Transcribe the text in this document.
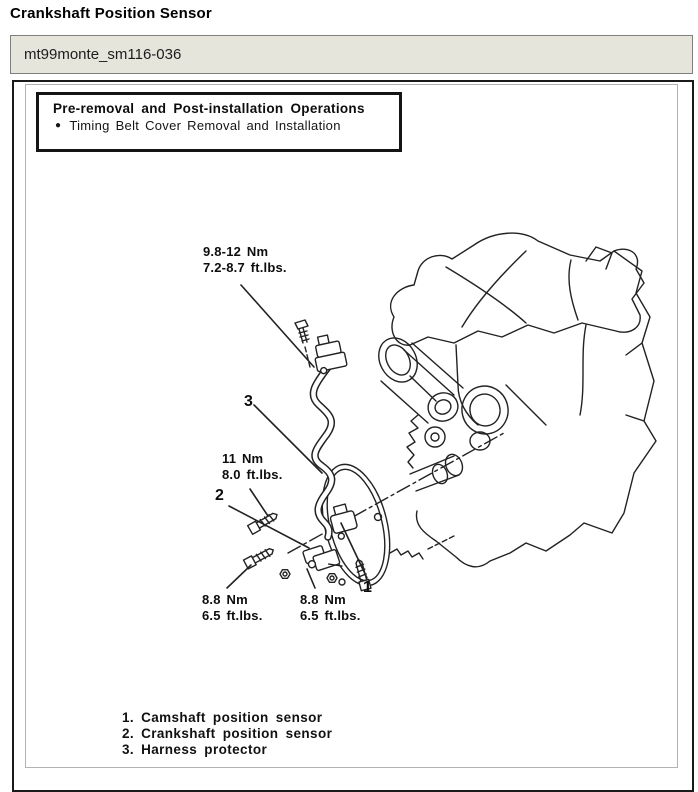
Crankshaft Position Sensor
mt99monte_sm116-036
Pre-removal and Post-installation Operations
● Timing Belt Cover Removal and Installation
9.8-12 Nm
7.2-8.7 ft.lbs.
11 Nm
8.0 ft.lbs.
8.8 Nm
6.5 ft.lbs.
8.8 Nm
6.5 ft.lbs.
3
2
1
1. Camshaft position sensor
2. Crankshaft position sensor
3. Harness protector
